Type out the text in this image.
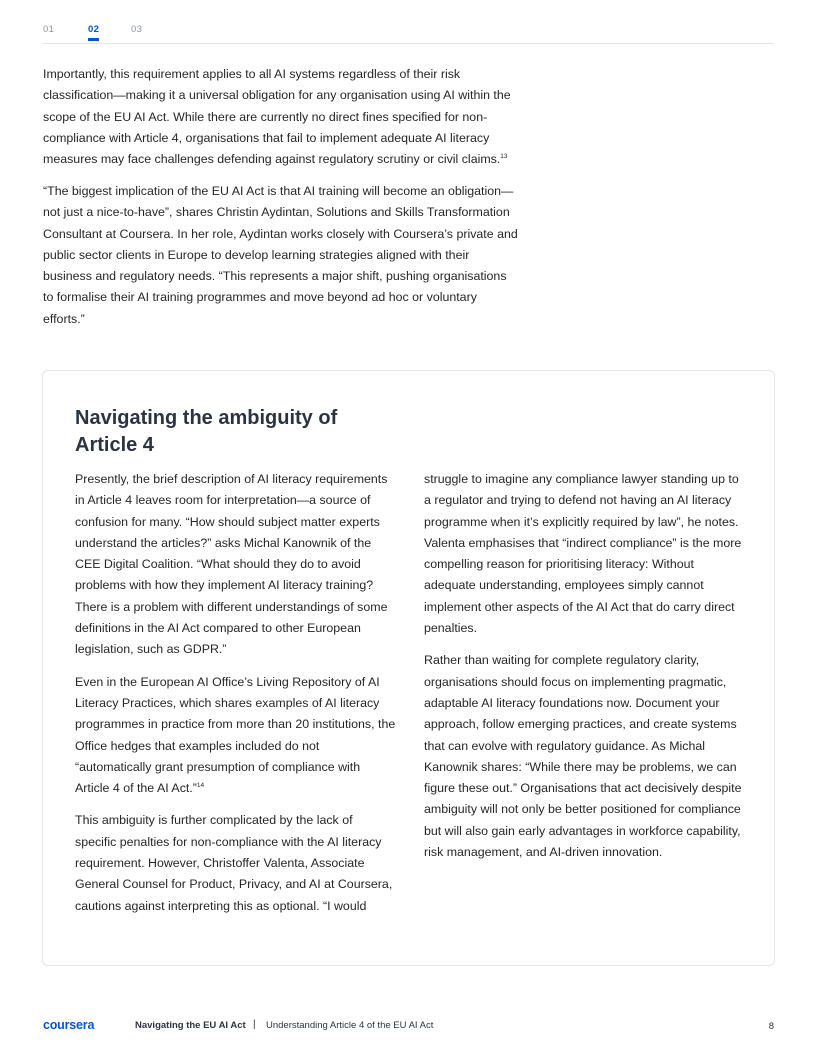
01	02	03

Importantly, this requirement applies to all AI systems regardless of their risk classification—making it a universal obligation for any organisation using AI within the scope of the EU AI Act. While there are currently no direct fines specified for non-compliance with Article 4, organisations that fail to implement adequate AI literacy measures may face challenges defending against regulatory scrutiny or civil claims.$^{13}$

“The biggest implication of the EU AI Act is that AI training will become an obligation—not just a nice-to-have”, shares Christin Aydintan, Solutions and Skills Transformation Consultant at Coursera. In her role, Aydintan works closely with Coursera’s private and public sector clients in Europe to develop learning strategies aligned with their business and regulatory needs. “This represents a major shift, pushing organisations to formalise their AI training programmes and move beyond ad hoc or voluntary efforts.”

Navigating the ambiguity of Article 4

Presently, the brief description of AI literacy requirements in Article 4 leaves room for interpretation—a source of confusion for many. “How should subject matter experts understand the articles?” asks Michal Kanownik of the CEE Digital Coalition. “What should they do to avoid problems with how they implement AI literacy training? There is a problem with different understandings of some definitions in the AI Act compared to other European legislation, such as GDPR.”

Even in the European AI Office’s Living Repository of AI Literacy Practices, which shares examples of AI literacy programmes in practice from more than 20 institutions, the Office hedges that examples included do not “automatically grant presumption of compliance with Article 4 of the AI Act.”$^{14}$

This ambiguity is further complicated by the lack of specific penalties for non-compliance with the AI literacy requirement. However, Christoffer Valenta, Associate General Counsel for Product, Privacy, and AI at Coursera, cautions against interpreting this as optional. “I would

struggle to imagine any compliance lawyer standing up to a regulator and trying to defend not having an AI literacy programme when it’s explicitly required by law”, he notes. Valenta emphasises that “indirect compliance” is the more compelling reason for prioritising literacy: Without adequate understanding, employees simply cannot implement other aspects of the AI Act that do carry direct penalties.

Rather than waiting for complete regulatory clarity, organisations should focus on implementing pragmatic, adaptable AI literacy foundations now. Document your approach, follow emerging practices, and create systems that can evolve with regulatory guidance. As Michal Kanownik shares: “While there may be problems, we can figure these out.” Organisations that act decisively despite ambiguity will not only be better positioned for compliance but will also gain early advantages in workforce capability, risk management, and AI-driven innovation.

coursera	Navigating the EU AI Act | Understanding Article 4 of the EU AI Act	8
